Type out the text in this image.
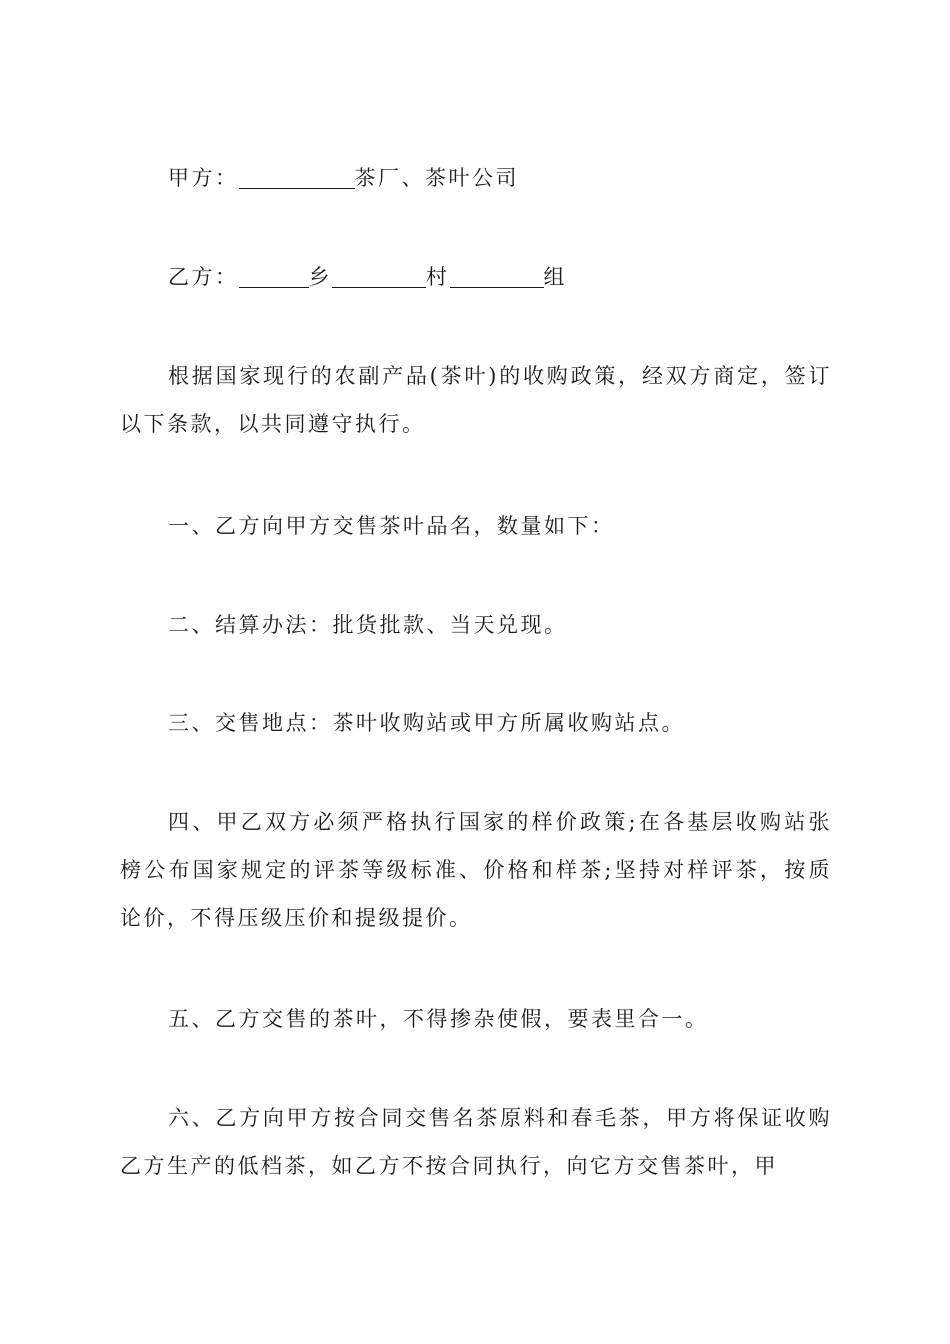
甲方：	茶厂、茶叶公司
乙方：	乡	村	组
根据国家现行的农副产品(茶叶)的收购政策，经双方商定，签订以下条款，以共同遵守执行。
一、乙方向甲方交售茶叶品名，数量如下：
二、结算办法：批货批款、当天兑现。
三、交售地点：茶叶收购站或甲方所属收购站点。
四、甲乙双方必须严格执行国家的样价政策;在各基层收购站张榜公布国家规定的评茶等级标准、价格和样茶;坚持对样评茶，按质论价，不得压级压价和提级提价。
五、乙方交售的茶叶，不得掺杂使假，要表里合一。
六、乙方向甲方按合同交售名茶原料和春毛茶，甲方将保证收购乙方生产的低档茶，如乙方不按合同执行，向它方交售茶叶，甲
